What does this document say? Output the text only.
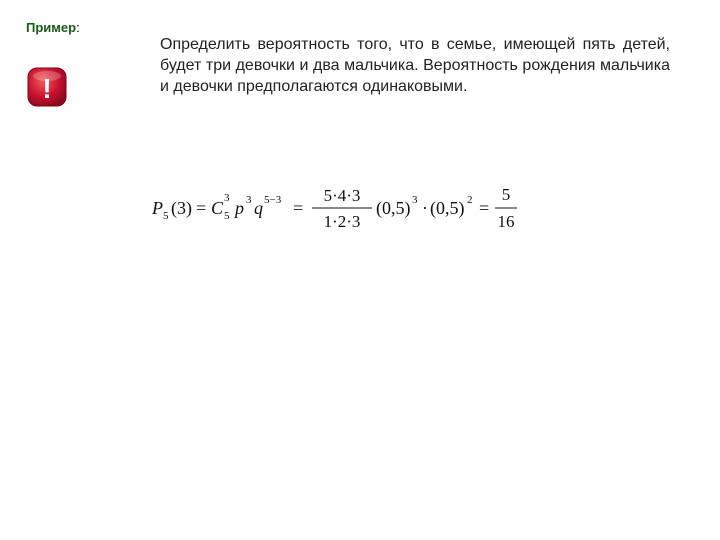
Пример:
!
Определить вероятность того, что в семье, имеющей пять детей, будет три девочки и два мальчика. Вероятность рождения мальчика и девочки предполагаются одинаковыми.
P 5 (3) = C 3
5 p 3 q 5−3 =
5·4·3
1·2·3
(0,5) 3 · (0,5) 2 =
5
16
